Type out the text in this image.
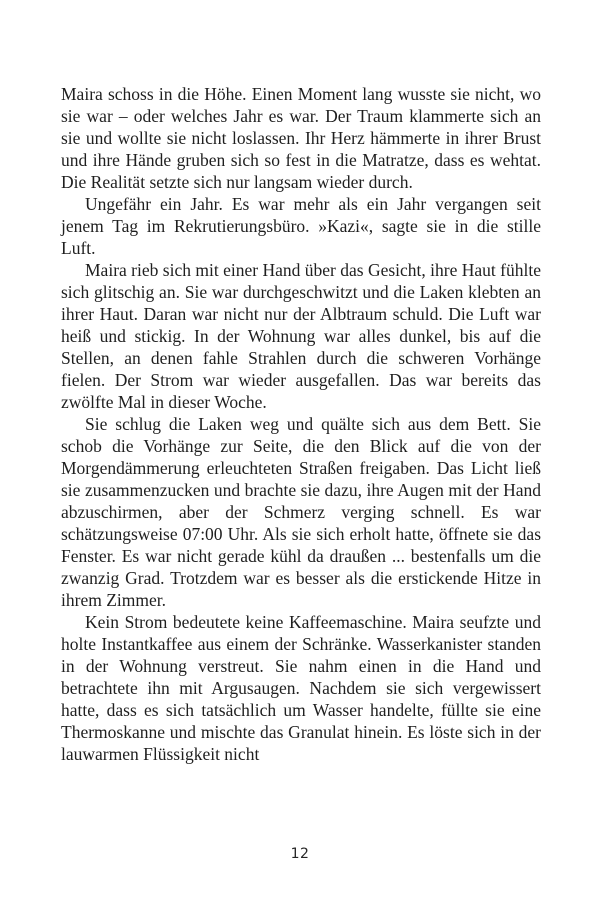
Maira schoss in die Höhe. Einen Moment lang wusste sie nicht, wo sie war – oder welches Jahr es war. Der Traum klammerte sich an sie und wollte sie nicht loslassen. Ihr Herz hämmerte in ihrer Brust und ihre Hände gruben sich so fest in die Matratze, dass es wehtat. Die Realität setzte sich nur langsam wieder durch.

Ungefähr ein Jahr. Es war mehr als ein Jahr vergangen seit jenem Tag im Rekrutierungsbüro. »Kazi«, sagte sie in die stille Luft.

Maira rieb sich mit einer Hand über das Gesicht, ihre Haut fühlte sich glitschig an. Sie war durchgeschwitzt und die Laken klebten an ihrer Haut. Daran war nicht nur der Albtraum schuld. Die Luft war heiß und stickig. In der Wohnung war alles dunkel, bis auf die Stellen, an denen fahle Strahlen durch die schweren Vorhänge fielen. Der Strom war wieder ausgefallen. Das war bereits das zwölfte Mal in dieser Woche.

Sie schlug die Laken weg und quälte sich aus dem Bett. Sie schob die Vorhänge zur Seite, die den Blick auf die von der Morgendämmerung erleuchteten Straßen freigaben. Das Licht ließ sie zusammenzucken und brachte sie dazu, ihre Augen mit der Hand abzuschirmen, aber der Schmerz verging schnell. Es war schätzungsweise 07:00 Uhr. Als sie sich erholt hatte, öffnete sie das Fenster. Es war nicht gerade kühl da draußen ... bestenfalls um die zwanzig Grad. Trotzdem war es besser als die erstickende Hitze in ihrem Zimmer.

Kein Strom bedeutete keine Kaffeemaschine. Maira seufzte und holte Instantkaffee aus einem der Schränke. Wasserkanister standen in der Wohnung verstreut. Sie nahm einen in die Hand und betrachtete ihn mit Argusaugen. Nachdem sie sich vergewissert hatte, dass es sich tatsächlich um Wasser handelte, füllte sie eine Thermoskanne und mischte das Granulat hinein. Es löste sich in der lauwarmen Flüssigkeit nicht

12
